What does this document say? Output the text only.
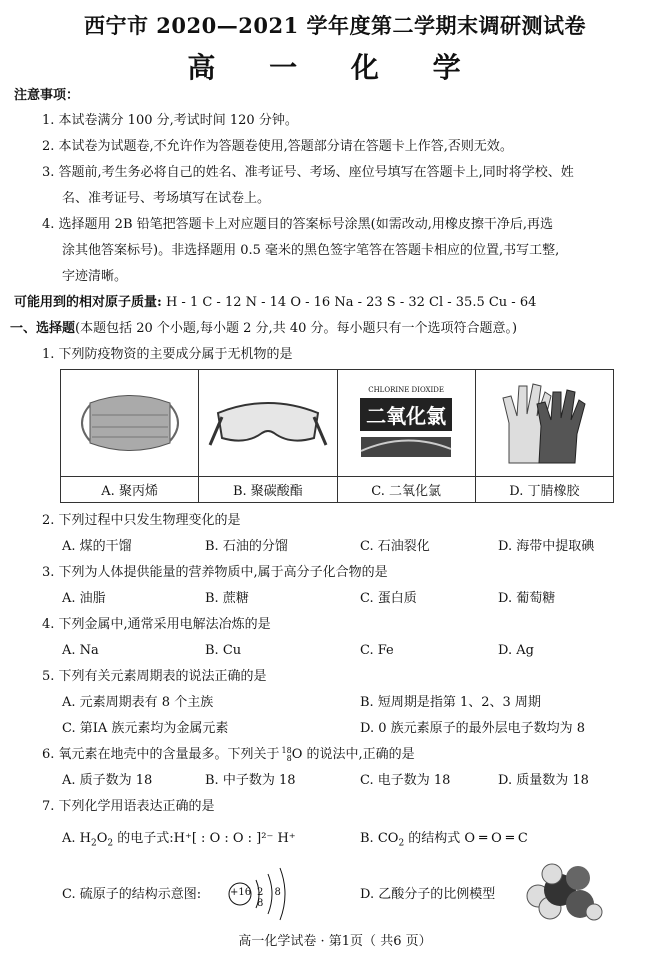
西宁市 2020—2021 学年度第二学期末调研测试卷
高 一 化 学
注意事项：
1. 本试卷满分 100 分,考试时间 120 分钟。
2. 本试卷为试题卷,不允许作为答题卷使用,答题部分请在答题卡上作答,否则无效。
3. 答题前,考生务必将自己的姓名、准考证号、考场、座位号填写在答题卡上,同时将学校、姓
名、准考证号、考场填写在试卷上。
4. 选择题用 2B 铅笔把答题卡上对应题目的答案标号涂黑(如需改动,用橡皮擦干净后,再选
涂其他答案标号)。非选择题用 0.5 毫米的黑色签字笔答在答题卡相应的位置,书写工整,
字迹清晰。
可能用到的相对原子质量: H - 1 C - 12 N - 14 O - 16 Na - 23 S - 32 Cl - 35.5 Cu - 64
一、选择题(本题包括 20 个小题,每小题 2 分,共 40 分。每小题只有一个选项符合题意。)
1. 下列防疫物资的主要成分属于无机物的是

CHLORINE DIOXIDE
二氧化氯

A. 聚丙烯	B. 聚碳酸酯	C. 二氧化氯	D. 丁腈橡胶
2. 下列过程中只发生物理变化的是
A. 煤的干馏	B. 石油的分馏	C. 石油裂化	D. 海带中提取碘
3. 下列为人体提供能量的营养物质中,属于高分子化合物的是
A. 油脂	B. 蔗糖	C. 蛋白质	D. 葡萄糖
4. 下列金属中,通常采用电解法冶炼的是
A. Na	B. Cu	C. Fe	D. Ag
5. 下列有关元素周期表的说法正确的是
A. 元素周期表有 8 个主族	B. 短周期是指第 1、2、3 周期
C. 第ⅠA 族元素均为金属元素	D. 0 族元素原子的最外层电子数均为 8
6. 氧元素在地壳中的含量最多。下列关于 18
8 O 的说法中,正确的是
A. 质子数为 18	B. 中子数为 18	C. 电子数为 18	D. 质量数为 18
7. 下列化学用语表达正确的是
A. $H_2O_2$ 的电子式:H⁺[ : O : O : ]²⁻ H⁺	B. $CO_2$ 的结构式 O ═ O ═ C
C. 硫原子的结构示意图:	+16 2 8 8
D. 乙酸分子的比例模型
高一化学试卷 · 第1页（ 共6 页）
